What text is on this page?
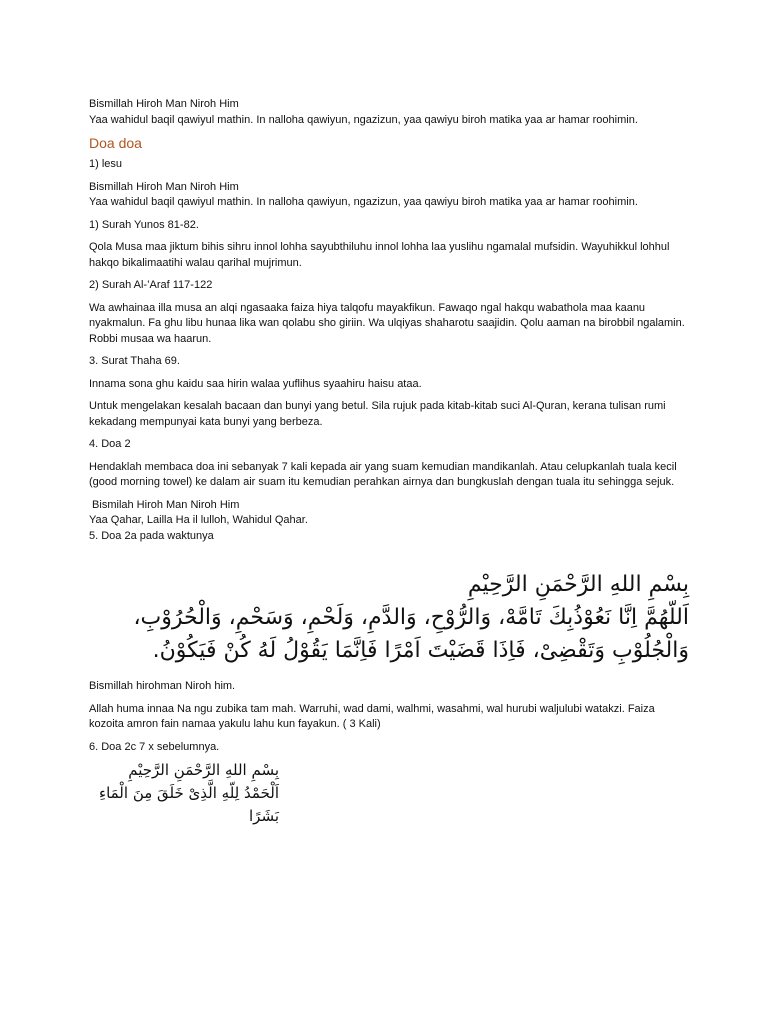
Bismillah Hiroh Man Niroh Him

Yaa wahidul baqil qawiyul mathin. In nalloha qawiyun, ngazizun, yaa qawiyu biroh matika yaa ar hamar roohimin.

Doa doa

1) lesu

Bismillah Hiroh Man Niroh Him

Yaa wahidul baqil qawiyul mathin. In nalloha qawiyun, ngazizun, yaa qawiyu biroh matika yaa ar hamar roohimin.

1) Surah Yunos 81-82.

Qola Musa maa jiktum bihis sihru innol lohha sayubthiluhu innol lohha laa yuslihu ngamalal mufsidin. Wayuhikkul lohhul hakqo bikalimaatihi walau qarihal mujrimun.

2) Surah Al-’Araf 117-122

Wa awhainaa illa musa an alqi ngasaaka faiza hiya talqofu mayakfikun. Fawaqo ngal hakqu wabathola maa kaanu nyakmalun. Fa ghu libu hunaa lika wan qolabu sho giriin. Wa ulqiyas shaharotu saajidin. Qolu aaman na birobbil ngalamin. Robbi musaa wa haarun.

3. Surat Thaha 69.

Innama sona ghu kaidu saa hirin walaa yuflihus syaahiru haisu ataa.

Untuk mengelakan kesalah bacaan dan bunyi yang betul. Sila rujuk pada kitab-kitab suci Al-Quran, kerana tulisan rumi kekadang mempunyai kata bunyi yang berbeza.

4. Doa 2

Hendaklah membaca doa ini sebanyak 7 kali kepada air yang suam kemudian mandikanlah. Atau celupkanlah tuala kecil (good morning towel) ke dalam air suam itu kemudian perahkan airnya dan bungkuslah dengan tuala itu sehingga sejuk.

Bismilah Hiroh Man Niroh Him

Yaa Qahar, Lailla Ha il lulloh, Wahidul Qahar.

5. Doa 2a pada waktunya

بِسْمِ اللهِ الرَّحْمَنِ الرَّحِيْمِ
اَللّهُمَّ اِنَّا نَعُوْذُبِكَ تَامَّهْ، وَالرُّوْحِ، وَالدَّمِ، وَلَحْمِ، وَسَحْمِ، وَالْحُرُوْبِ، وَالْجُلُوْبِ وَتَقْضِىْ، فَاِذَا قَضَيْتَ اَمْرًا فَاِنَّمَا يَقُوْلُ لَهُ كُنْ فَيَكُوْنُ.

Bismillah hirohman Niroh him.

Allah huma innaa Na ngu zubika tam mah. Warruhi, wad dami, walhmi, wasahmi, wal hurubi waljulubi watakzi. Faiza kozoita amron fain namaa yakulu lahu kun fayakun. ( 3 Kali)

6. Doa 2c 7 x sebelumnya.

بِسْمِ اللهِ الرَّحْمَنِ الرَّحِيْمِ
اَلْحَمْدُ لِلّهِ الَّذِىْ خَلَقَ مِنَ الْمَاءِ بَشَرًا
